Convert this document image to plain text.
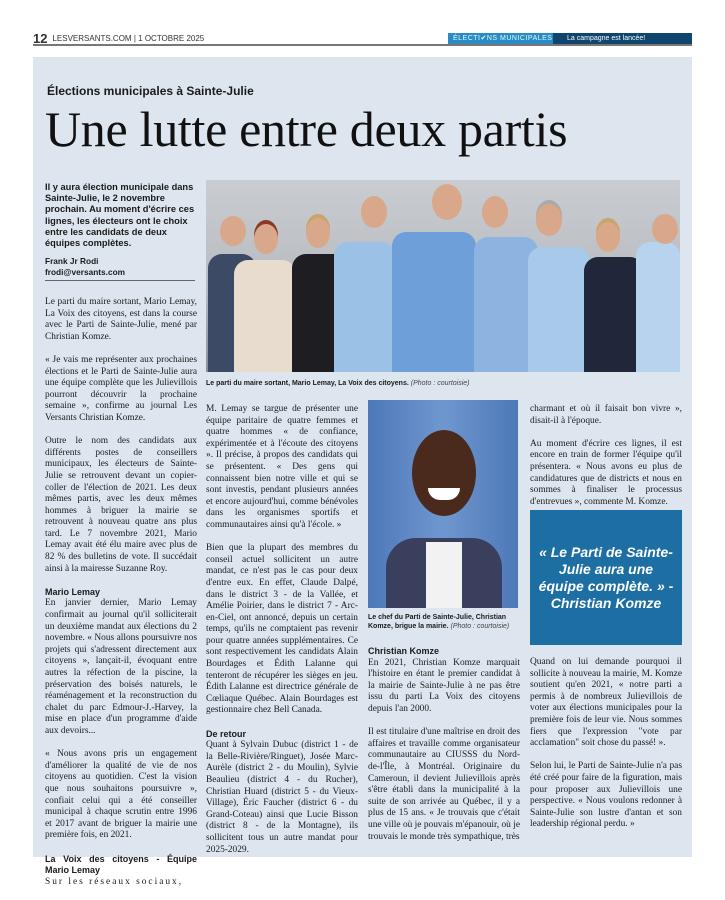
12 LESVERSANTS.COM | 1 OCTOBRE 2025	ÉLECTI✔NS MUNICIPALES	La campagne est lancée!
Élections municipales à Sainte-Julie
Une lutte entre deux partis
Il y aura élection municipale dans Sainte-Julie, le 2 novembre prochain. Au moment d'écrire ces lignes, les électeurs ont le choix entre les candidats de deux équipes complètes.
Frank Jr Rodi
frodi@versants.com

Le parti du maire sortant, Mario Lemay, La Voix des citoyens, est dans la course avec le Parti de Sainte-Julie, mené par Christian Komze.

« Je vais me représenter aux prochaines élections et le Parti de Sainte-Julie aura une équipe complète que les Julievillois pourront découvrir la prochaine semaine », confirme au journal Les Versants Christian Komze.

Outre le nom des candidats aux différents postes de conseillers municipaux, les électeurs de Sainte-Julie se retrouvent devant un copier-coller de l'élection de 2021. Les deux mêmes partis, avec les deux mêmes hommes à briguer la mairie se retrouvent à nouveau quatre ans plus tard. Le 7 novembre 2021, Mario Lemay avait été élu maire avec plus de 82 % des bulletins de vote. Il succédait ainsi à la mairesse Suzanne Roy.

Mario Lemay

En janvier dernier, Mario Lemay confirmait au journal qu'il solliciterait un deuxième mandat aux élections du 2 novembre. « Nous allons poursuivre nos projets qui s'adressent directement aux citoyens », lançait-il, évoquant entre autres la réfection de la piscine, la préservation des boisés naturels, le réaménagement et la reconstruction du chalet du parc Edmour-J.-Harvey, la mise en place d'un programme d'aide aux devoirs...

« Nous avons pris un engagement d'améliorer la qualité de vie de nos citoyens au quotidien. C'est la vision que nous souhaitons poursuivre », confiait celui qui a été conseiller municipal à chaque scrutin entre 1996 et 2017 avant de briguer la mairie une première fois, en 2021.

La Voix des citoyens - Équipe Mario Lemay

Sur les réseaux sociaux,

Le parti du maire sortant, Mario Lemay, La Voix des citoyens. (Photo : courtoisie)

M. Lemay se targue de présenter une équipe paritaire de quatre femmes et quatre hommes « de confiance, expérimentée et à l'écoute des citoyens ». Il précise, à propos des candidats qui se présentent. « Des gens qui connaissent bien notre ville et qui se sont investis, pendant plusieurs années et encore aujourd'hui, comme bénévoles dans les organismes sportifs et communautaires ainsi qu'à l'école. »

Bien que la plupart des membres du conseil actuel sollicitent un autre mandat, ce n'est pas le cas pour deux d'entre eux. En effet, Claude Dalpé, dans le district 3 - de la Vallée, et Amélie Poirier, dans le district 7 - Arc-en-Ciel, ont annoncé, depuis un certain temps, qu'ils ne comptaient pas revenir pour quatre années supplémentaires. Ce sont respectivement les candidats Alain Bourdages et Édith Lalanne qui tenteront de récupérer les sièges en jeu. Édith Lalanne est directrice générale de Cœliaque Québec. Alain Bourdages est gestionnaire chez Bell Canada.

De retour

Quant à Sylvain Dubuc (district 1 - de la Belle-Rivière/Ringuet), Josée Marc-Aurèle (district 2 - du Moulin), Sylvie Beaulieu (district 4 - du Rucher), Christian Huard (district 5 - du Vieux-Village), Éric Faucher (district 6 - du Grand-Coteau) ainsi que Lucie Bisson (district 8 - de la Montagne), ils sollicitent tous un autre mandat pour 2025-2029.

Le chef du Parti de Sainte-Julie, Christian Komze, brigue la mairie. (Photo : courtoisie)
Christian Komze

En 2021, Christian Komze marquait l'histoire en étant le premier candidat à la mairie de Sainte-Julie à ne pas être issu du parti La Voix des citoyens depuis l'an 2000.

Il est titulaire d'une maîtrise en droit des affaires et travaille comme organisateur communautaire au CIUSSS du Nord-de-l'Île, à Montréal. Originaire du Cameroun, il devient Julievillois après s'être établi dans la municipalité à la suite de son arrivée au Québec, il y a plus de 15 ans. « Je trouvais que c'était une ville où je pouvais m'épanouir, où je trouvais le monde très sympathique, très

charmant et où il faisait bon vivre », disait-il à l'époque.

Au moment d'écrire ces lignes, il est encore en train de former l'équipe qu'il présentera. « Nous avons eu plus de candidatures que de districts et nous en sommes à finaliser le processus d'entrevues », commente M. Komze.

« Le Parti de Sainte-Julie aura une équipe complète. » - Christian Komze

Quand on lui demande pourquoi il sollicite à nouveau la mairie, M. Komze soutient qu'en 2021, « notre parti a permis à de nombreux Julievillois de voter aux élections municipales pour la première fois de leur vie. Nous sommes fiers que l'expression "vote par acclamation" soit chose du passé! ».

Selon lui, le Parti de Sainte-Julie n'a pas été créé pour faire de la figuration, mais pour proposer aux Julievillois une perspective. « Nous voulons redonner à Sainte-Julie son lustre d'antan et son leadership régional perdu. »
